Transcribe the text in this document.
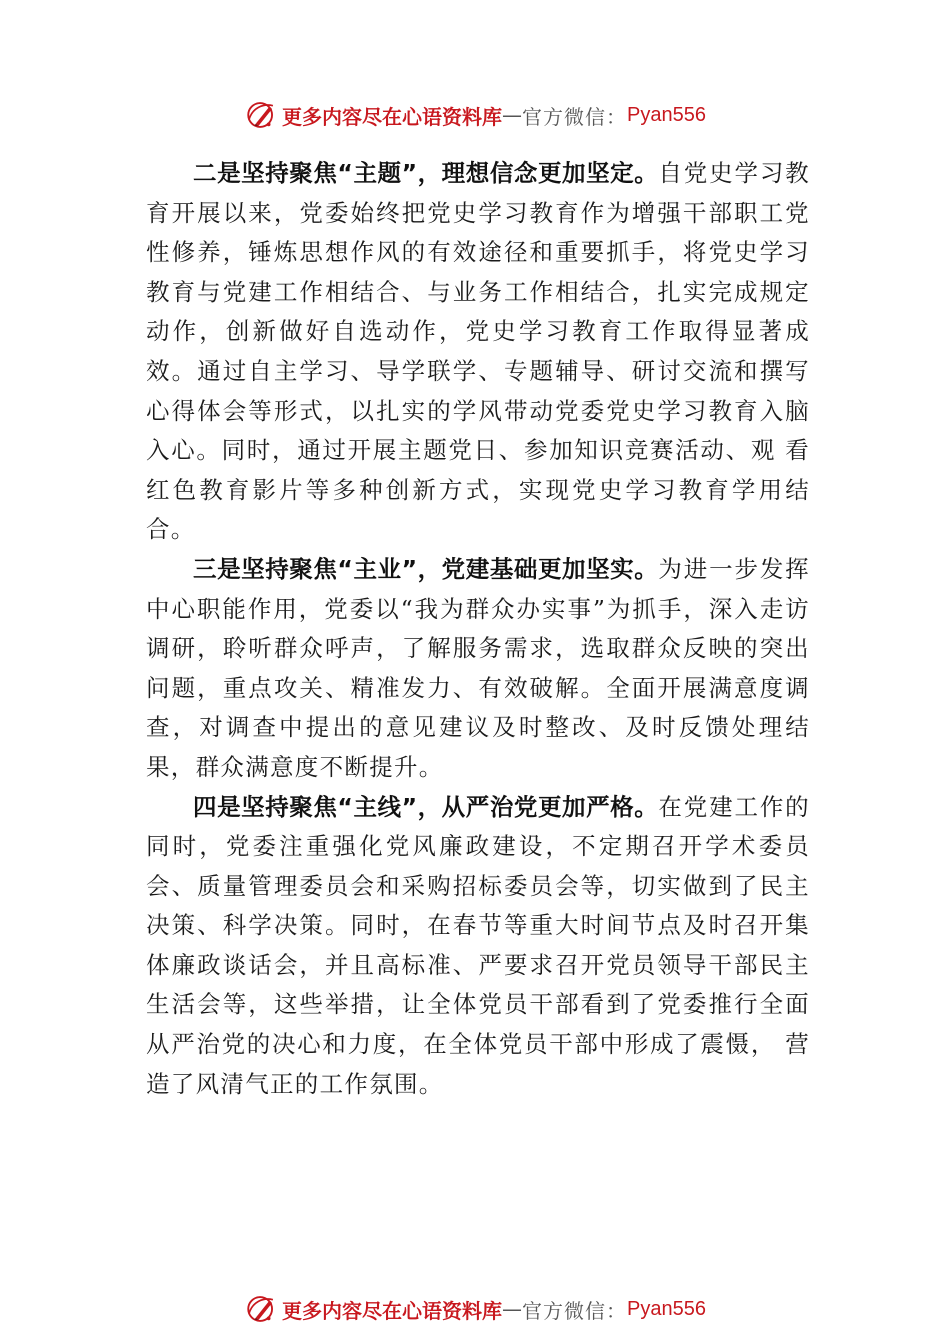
更多内容尽在心语资料库 — 官方微信： Pyan556

二是坚持聚焦“主题”，理想信念更加坚定。自党史学习教育开展以来，党委始终把党史学习教育作为增强干部职工党性修养，锤炼思想作风的有效途径和重要抓手，将党史学习教育与党建工作相结合、与业务工作相结合，扎实完成规定动作，创新做好自选动作，党史学习教育工作取得显著成效。通过自主学习、导学联学、专题辅导、研讨交流和撰写心得体会等形式，以扎实的学风带动党委党史学习教育入脑入心。同时，通过开展主题党日、参加知识竞赛活动、观 看红色教育影片等多种创新方式，实现党史学习教育学用结合。

三是坚持聚焦“主业”，党建基础更加坚实。为进一步发挥中心职能作用，党委以“我为群众办实事”为抓手，深入走访调研，聆听群众呼声，了解服务需求，选取群众反映的突出问题，重点攻关、精准发力、有效破解。全面开展满意度调查，对调查中提出的意见建议及时整改、及时反馈处理结果，群众满意度不断提升。

四是坚持聚焦“主线”，从严治党更加严格。在党建工作的同时，党委注重强化党风廉政建设，不定期召开学术委员会、质量管理委员会和采购招标委员会等，切实做到了民主决策、科学决策。同时，在春节等重大时间节点及时召开集体廉政谈话会，并且高标准、严要求召开党员领导干部民主生活会等，这些举措，让全体党员干部看到了党委推行全面从严治党的决心和力度，在全体党员干部中形成了震慑， 营造了风清气正的工作氛围。

更多内容尽在心语资料库 — 官方微信： Pyan556
